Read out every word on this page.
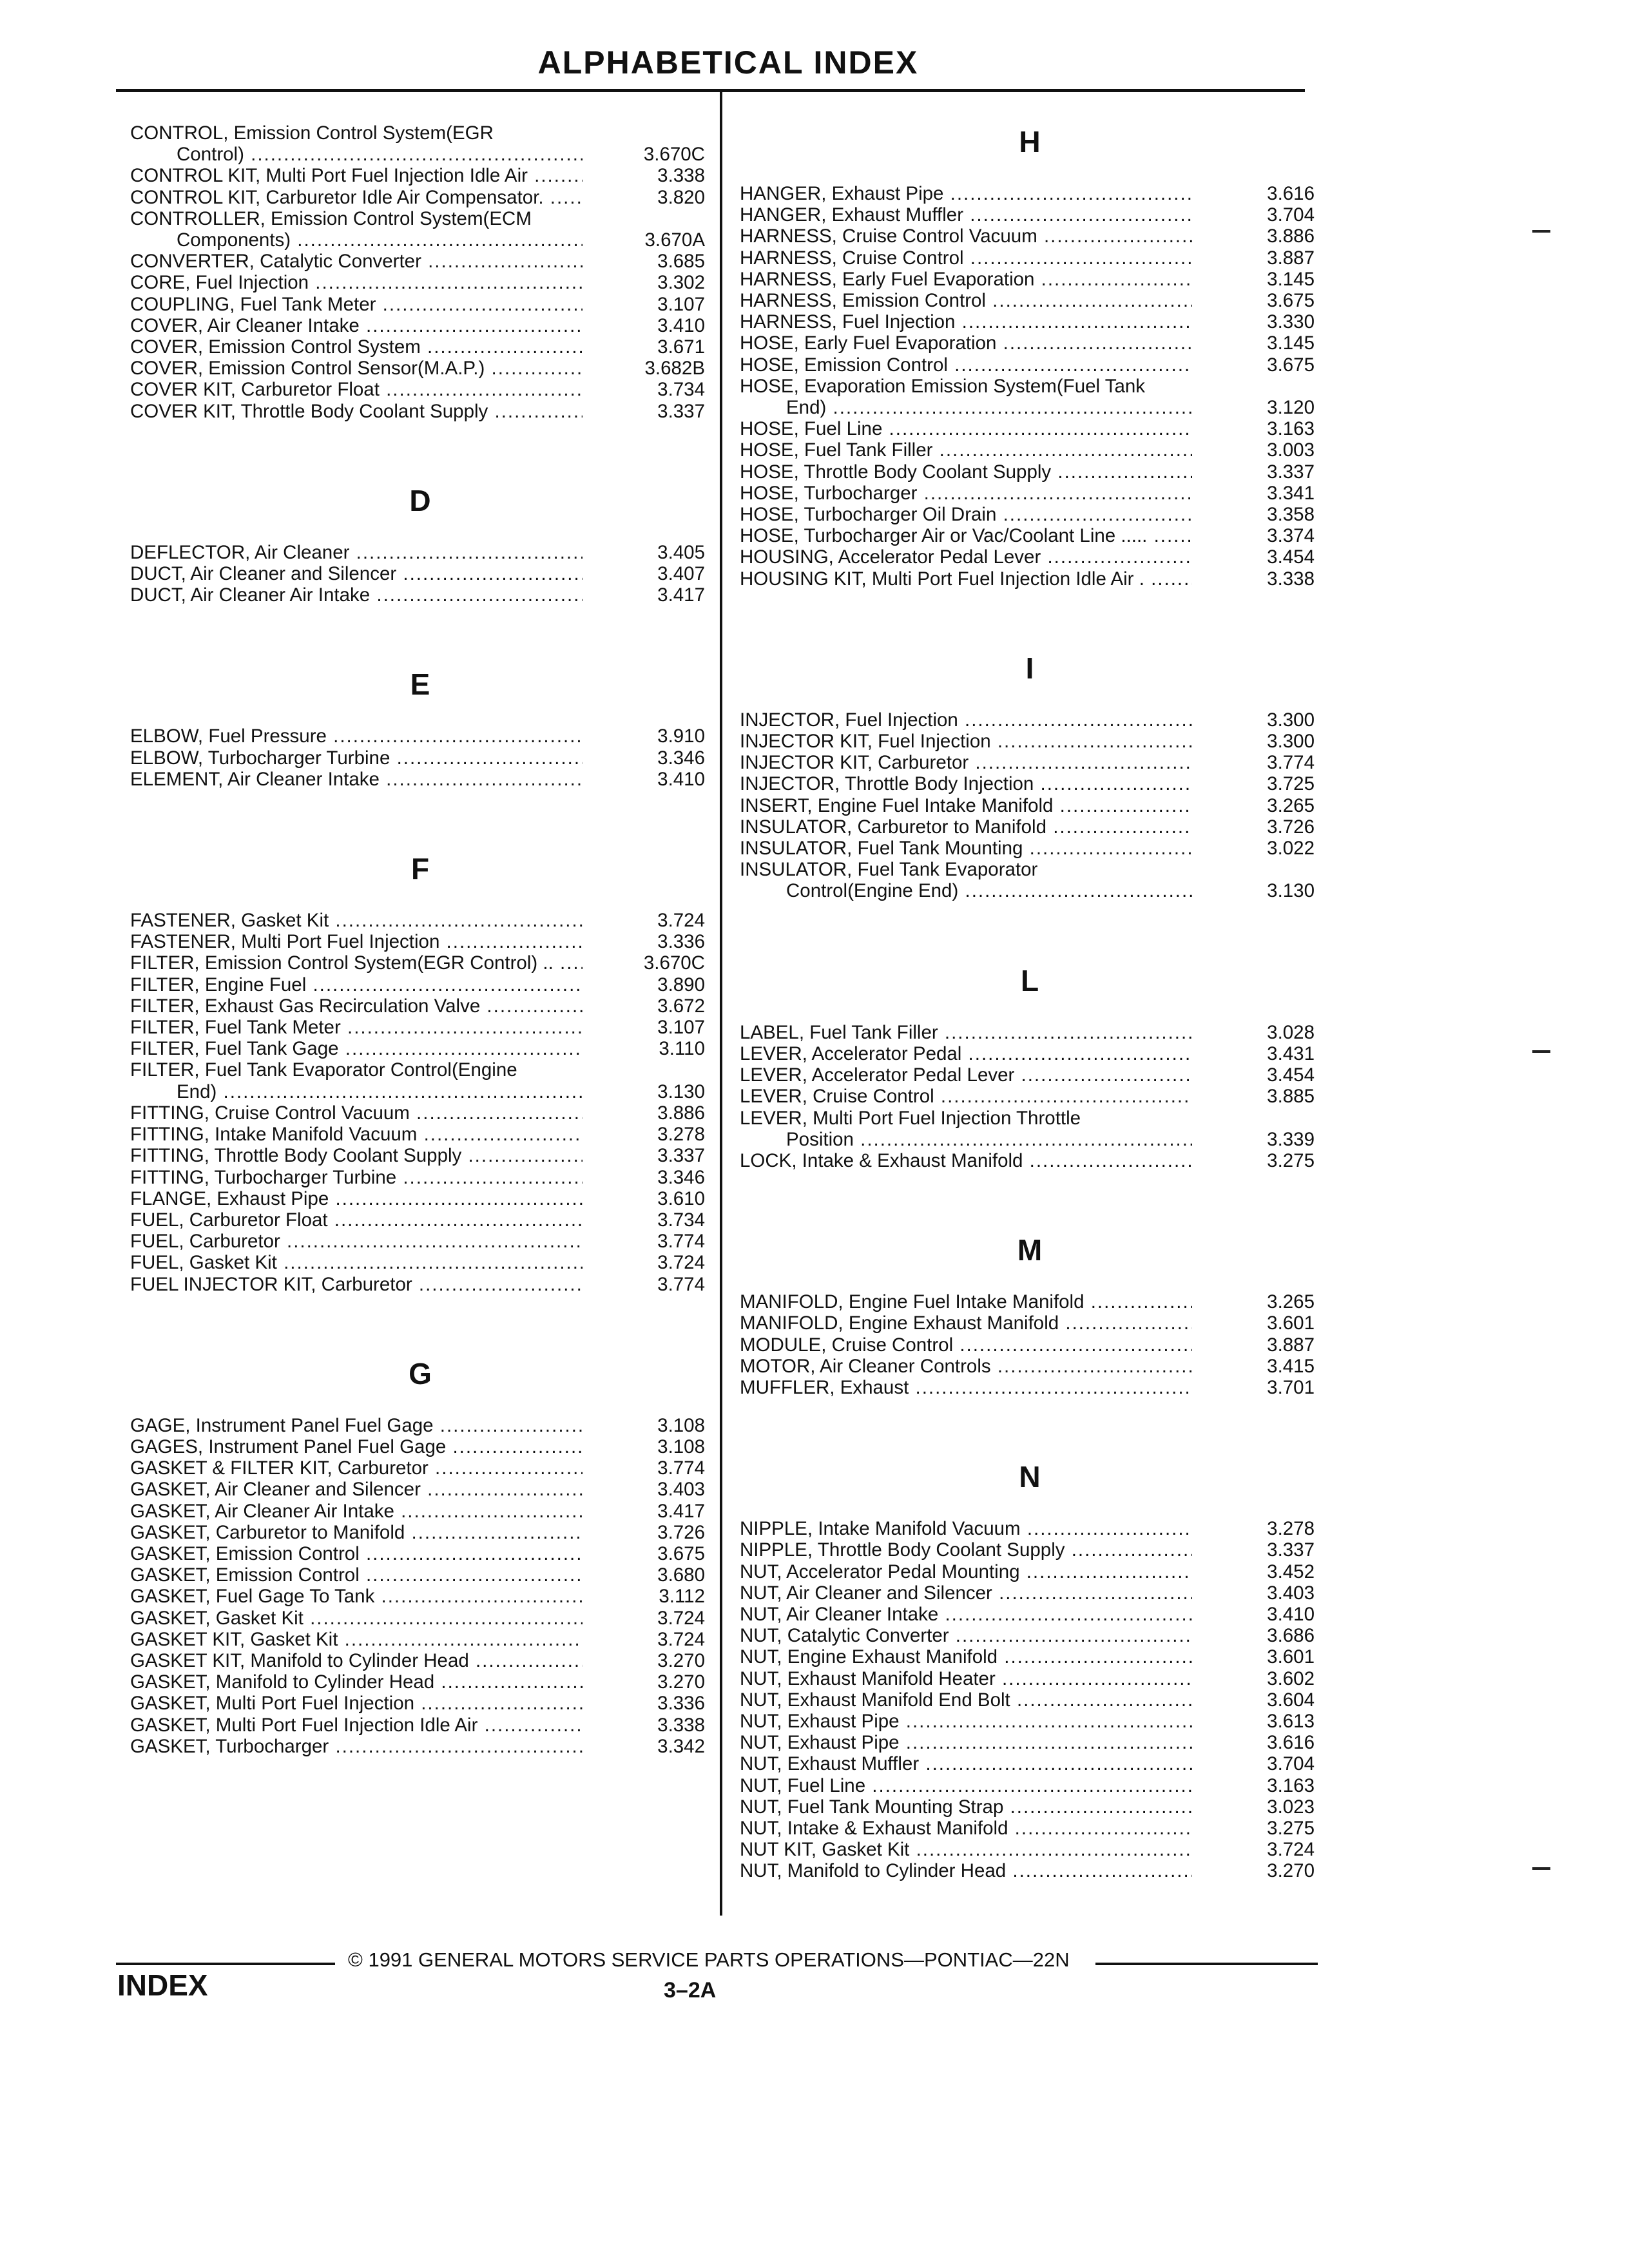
ALPHABETICAL INDEX
CONTROL, Emission Control System(EGR
Control) .....	3.670C
CONTROL KIT, Multi Port Fuel Injection Idle Air .....	3.338
CONTROL KIT, Carburetor Idle Air Compensator. .....	3.820
CONTROLLER, Emission Control System(ECM
Components) .....	3.670A
CONVERTER, Catalytic Converter .....	3.685
CORE, Fuel Injection .....	3.302
COUPLING, Fuel Tank Meter .....	3.107
COVER, Air Cleaner Intake .....	3.410
COVER, Emission Control System .....	3.671
COVER, Emission Control Sensor(M.A.P.) .....	3.682B
COVER KIT, Carburetor Float .....	3.734
COVER KIT, Throttle Body Coolant Supply .....	3.337
D
DEFLECTOR, Air Cleaner .....	3.405
DUCT, Air Cleaner and Silencer .....	3.407
DUCT, Air Cleaner Air Intake .....	3.417
E
ELBOW, Fuel Pressure .....	3.910
ELBOW, Turbocharger Turbine .....	3.346
ELEMENT, Air Cleaner Intake .....	3.410
F
FASTENER, Gasket Kit .....	3.724
FASTENER, Multi Port Fuel Injection .....	3.336
FILTER, Emission Control System(EGR Control) .. .....	3.670C
FILTER, Engine Fuel .....	3.890
FILTER, Exhaust Gas Recirculation Valve .....	3.672
FILTER, Fuel Tank Meter .....	3.107
FILTER, Fuel Tank Gage .....	3.110
FILTER, Fuel Tank Evaporator Control(Engine
End) .....	3.130
FITTING, Cruise Control Vacuum .....	3.886
FITTING, Intake Manifold Vacuum .....	3.278
FITTING, Throttle Body Coolant Supply .....	3.337
FITTING, Turbocharger Turbine .....	3.346
FLANGE, Exhaust Pipe .....	3.610
FUEL, Carburetor Float .....	3.734
FUEL, Carburetor .....	3.774
FUEL, Gasket Kit .....	3.724
FUEL INJECTOR KIT, Carburetor .....	3.774
G
GAGE, Instrument Panel Fuel Gage .....	3.108
GAGES, Instrument Panel Fuel Gage .....	3.108
GASKET & FILTER KIT, Carburetor .....	3.774
GASKET, Air Cleaner and Silencer .....	3.403
GASKET, Air Cleaner Air Intake .....	3.417
GASKET, Carburetor to Manifold .....	3.726
GASKET, Emission Control .....	3.675
GASKET, Emission Control .....	3.680
GASKET, Fuel Gage To Tank .....	3.112
GASKET, Gasket Kit .....	3.724
GASKET KIT, Gasket Kit .....	3.724
GASKET KIT, Manifold to Cylinder Head .....	3.270
GASKET, Manifold to Cylinder Head .....	3.270
GASKET, Multi Port Fuel Injection .....	3.336
GASKET, Multi Port Fuel Injection Idle Air .....	3.338
GASKET, Turbocharger .....	3.342
H
HANGER, Exhaust Pipe .....	3.616
HANGER, Exhaust Muffler .....	3.704
HARNESS, Cruise Control Vacuum .....	3.886
HARNESS, Cruise Control .....	3.887
HARNESS, Early Fuel Evaporation .....	3.145
HARNESS, Emission Control .....	3.675
HARNESS, Fuel Injection .....	3.330
HOSE, Early Fuel Evaporation .....	3.145
HOSE, Emission Control .....	3.675
HOSE, Evaporation Emission System(Fuel Tank
End) .....	3.120
HOSE, Fuel Line .....	3.163
HOSE, Fuel Tank Filler .....	3.003
HOSE, Throttle Body Coolant Supply .....	3.337
HOSE, Turbocharger .....	3.341
HOSE, Turbocharger Oil Drain .....	3.358
HOSE, Turbocharger Air or Vac/Coolant Line ..... .....	3.374
HOUSING, Accelerator Pedal Lever .....	3.454
HOUSING KIT, Multi Port Fuel Injection Idle Air . .....	3.338
I
INJECTOR, Fuel Injection .....	3.300
INJECTOR KIT, Fuel Injection .....	3.300
INJECTOR KIT, Carburetor .....	3.774
INJECTOR, Throttle Body Injection .....	3.725
INSERT, Engine Fuel Intake Manifold .....	3.265
INSULATOR, Carburetor to Manifold .....	3.726
INSULATOR, Fuel Tank Mounting .....	3.022
INSULATOR, Fuel Tank Evaporator
Control(Engine End) .....	3.130
L
LABEL, Fuel Tank Filler .....	3.028
LEVER, Accelerator Pedal .....	3.431
LEVER, Accelerator Pedal Lever .....	3.454
LEVER, Cruise Control .....	3.885
LEVER, Multi Port Fuel Injection Throttle
Position .....	3.339
LOCK, Intake & Exhaust Manifold .....	3.275
M
MANIFOLD, Engine Fuel Intake Manifold .....	3.265
MANIFOLD, Engine Exhaust Manifold .....	3.601
MODULE, Cruise Control .....	3.887
MOTOR, Air Cleaner Controls .....	3.415
MUFFLER, Exhaust .....	3.701
N
NIPPLE, Intake Manifold Vacuum .....	3.278
NIPPLE, Throttle Body Coolant Supply .....	3.337
NUT, Accelerator Pedal Mounting .....	3.452
NUT, Air Cleaner and Silencer .....	3.403
NUT, Air Cleaner Intake .....	3.410
NUT, Catalytic Converter .....	3.686
NUT, Engine Exhaust Manifold .....	3.601
NUT, Exhaust Manifold Heater .....	3.602
NUT, Exhaust Manifold End Bolt .....	3.604
NUT, Exhaust Pipe .....	3.613
NUT, Exhaust Pipe .....	3.616
NUT, Exhaust Muffler .....	3.704
NUT, Fuel Line .....	3.163
NUT, Fuel Tank Mounting Strap .....	3.023
NUT, Intake & Exhaust Manifold .....	3.275
NUT KIT, Gasket Kit .....	3.724
NUT, Manifold to Cylinder Head .....	3.270
© 1991 GENERAL MOTORS SERVICE PARTS OPERATIONS—PONTIAC—22N
INDEX	3–2A
